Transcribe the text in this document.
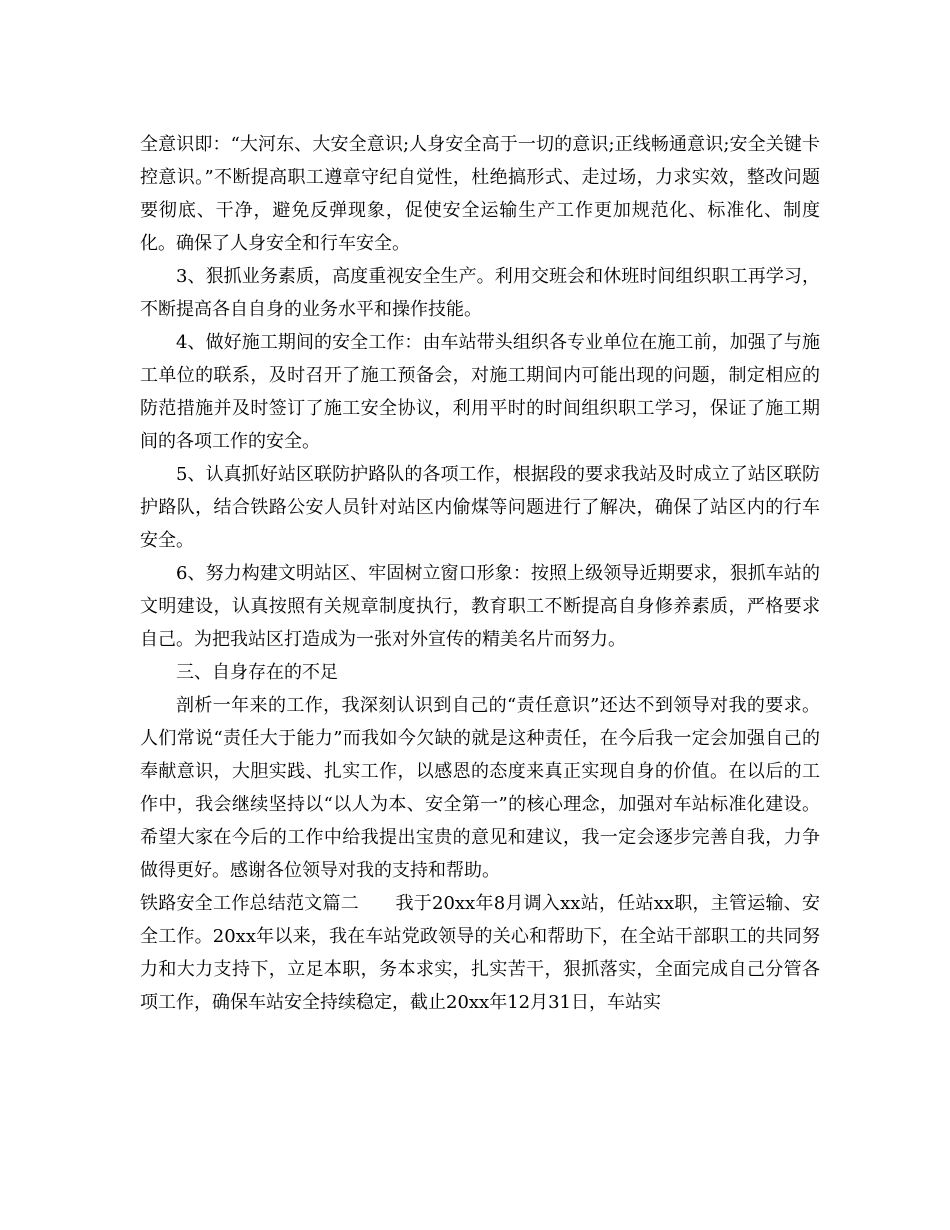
全意识即：“大河东、大安全意识;人身安全高于一切的意识;正线畅通意识;安全关键卡控意识。”不断提高职工遵章守纪自觉性，杜绝搞形式、走过场，力求实效，整改问题要彻底、干净，避免反弹现象，促使安全运输生产工作更加规范化、标准化、制度化。确保了人身安全和行车安全。

3、狠抓业务素质，高度重视安全生产。利用交班会和休班时间组织职工再学习，不断提高各自自身的业务水平和操作技能。

4、做好施工期间的安全工作：由车站带头组织各专业单位在施工前，加强了与施工单位的联系，及时召开了施工预备会，对施工期间内可能出现的问题，制定相应的防范措施并及时签订了施工安全协议，利用平时的时间组织职工学习，保证了施工期间的各项工作的安全。

5、认真抓好站区联防护路队的各项工作，根据段的要求我站及时成立了站区联防护路队，结合铁路公安人员针对站区内偷煤等问题进行了解决，确保了站区内的行车安全。

6、努力构建文明站区、牢固树立窗口形象：按照上级领导近期要求，狠抓车站的文明建设，认真按照有关规章制度执行，教育职工不断提高自身修养素质，严格要求自己。为把我站区打造成为一张对外宣传的精美名片而努力。

三、自身存在的不足

剖析一年来的工作，我深刻认识到自己的“责任意识”还达不到领导对我的要求。人们常说“责任大于能力”而我如今欠缺的就是这种责任，在今后我一定会加强自己的奉献意识，大胆实践、扎实工作，以感恩的态度来真正实现自身的价值。在以后的工作中，我会继续坚持以“以人为本、安全第一”的核心理念，加强对车站标准化建设。希望大家在今后的工作中给我提出宝贵的意见和建议，我一定会逐步完善自我，力争做得更好。感谢各位领导对我的支持和帮助。

铁路安全工作总结范文篇二　　我于20xx年8月调入xx站，任站xx职，主管运输、安全工作。20xx年以来，我在车站党政领导的关心和帮助下，在全站干部职工的共同努力和大力支持下，立足本职，务本求实，扎实苦干，狠抓落实，全面完成自己分管各项工作，确保车站安全持续稳定，截止20xx年12月31日，车站实
